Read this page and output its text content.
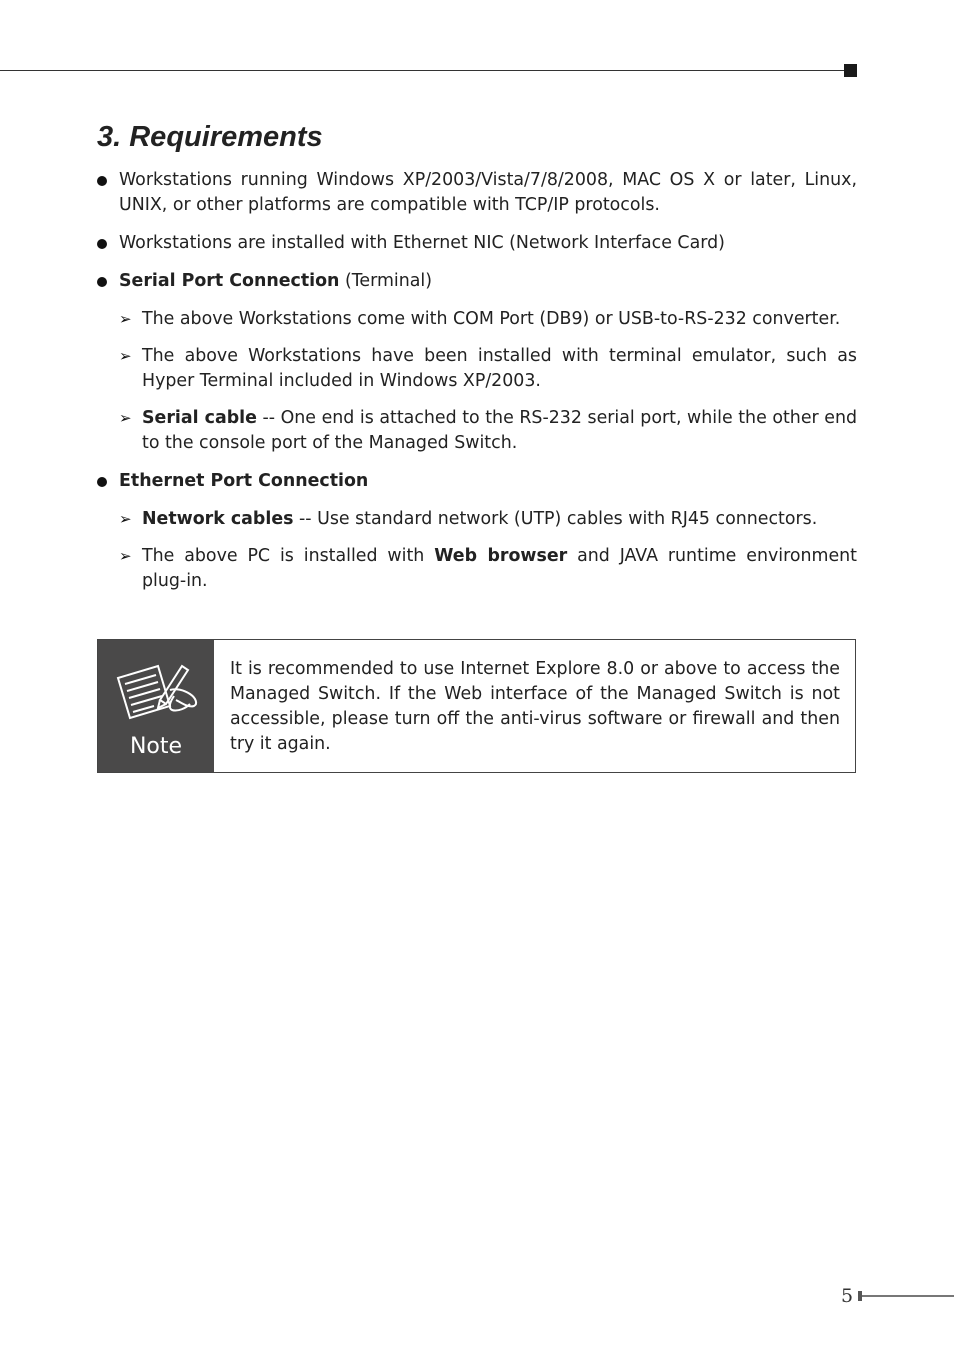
3. Requirements
Workstations running Windows XP/2003/Vista/7/8/2008, MAC OS X or later, Linux, UNIX, or other platforms are compatible with TCP/IP protocols.
Workstations are installed with Ethernet NIC (Network Interface Card)
Serial Port Connection (Terminal)
➢ The above Workstations come with COM Port (DB9) or USB-to-RS-232 converter.
➢ The above Workstations have been installed with terminal emulator, such as Hyper Terminal included in Windows XP/2003.
➢ Serial cable -- One end is attached to the RS-232 serial port, while the other end to the console port of the Managed Switch.
Ethernet Port Connection
➢ Network cables -- Use standard network (UTP) cables with RJ45 connectors.
➢ The above PC is installed with Web browser and JAVA runtime environment plug-in.
Note
It is recommended to use Internet Explore 8.0 or above to access the Managed Switch. If the Web interface of the Managed Switch is not accessible, please turn off the anti-virus software or firewall and then try it again.
5
